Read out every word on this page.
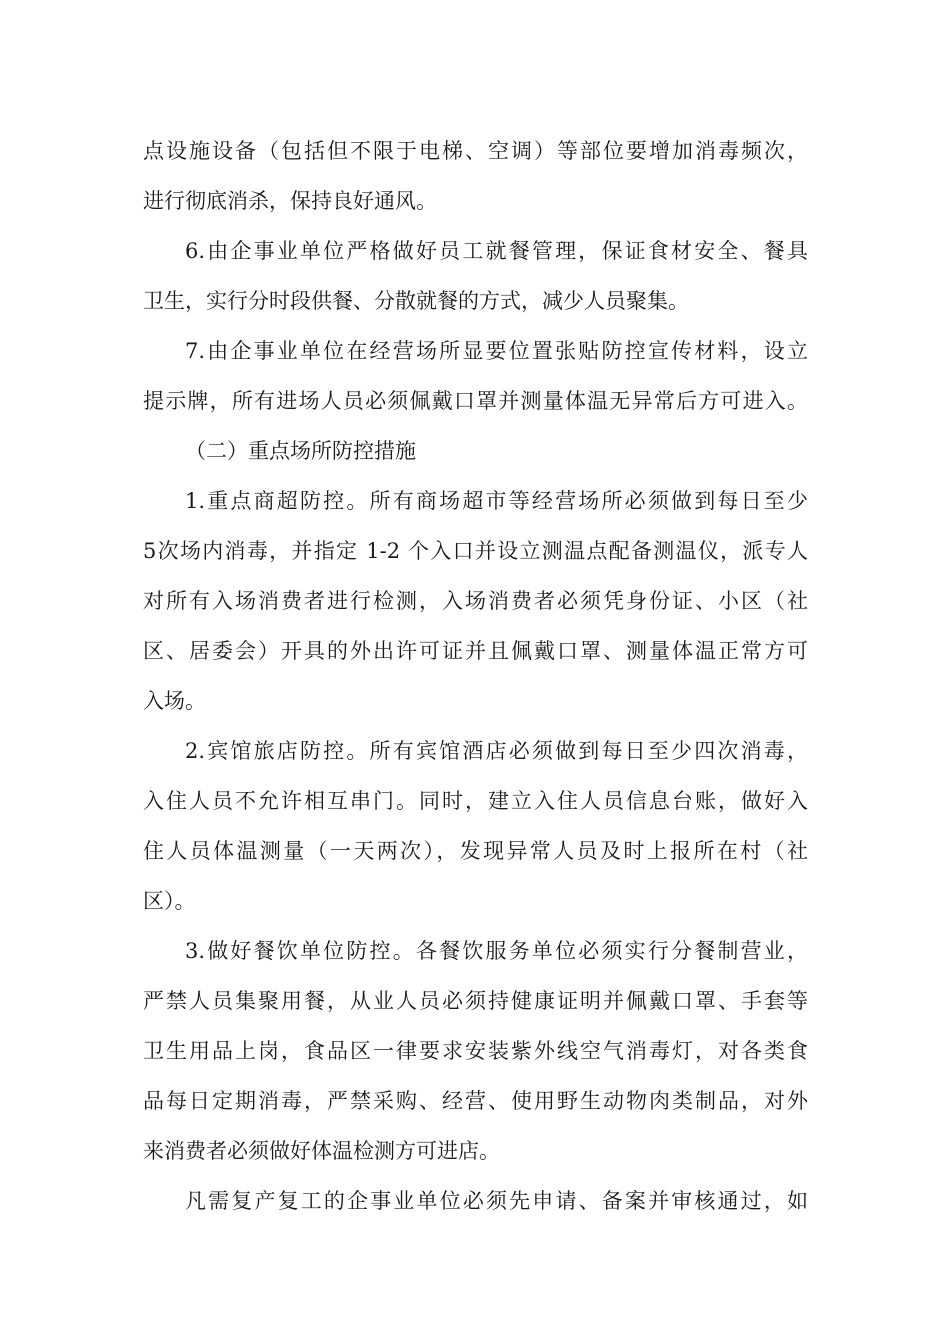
点设施设备（包括但不限于电梯、空调）等部位要增加消毒频次，
进行彻底消杀，保持良好通风。
6.由企事业单位严格做好员工就餐管理，保证食材安全、餐具
卫生，实行分时段供餐、分散就餐的方式，减少人员聚集。
7.由企事业单位在经营场所显要位置张贴防控宣传材料，设立
提示牌，所有进场人员必须佩戴口罩并测量体温无异常后方可进入。
（二）重点场所防控措施
1.重点商超防控。所有商场超市等经营场所必须做到每日至少
5次场内消毒，并指定 1-2 个入口并设立测温点配备测温仪，派专人
对所有入场消费者进行检测，入场消费者必须凭身份证、小区（社
区、居委会）开具的外出许可证并且佩戴口罩、测量体温正常方可
入场。
2.宾馆旅店防控。所有宾馆酒店必须做到每日至少四次消毒，
入住人员不允许相互串门。同时，建立入住人员信息台账，做好入
住人员体温测量（一天两次），发现异常人员及时上报所在村（社
区）。
3.做好餐饮单位防控。各餐饮服务单位必须实行分餐制营业，
严禁人员集聚用餐，从业人员必须持健康证明并佩戴口罩、手套等
卫生用品上岗，食品区一律要求安装紫外线空气消毒灯，对各类食
品每日定期消毒，严禁采购、经营、使用野生动物肉类制品，对外
来消费者必须做好体温检测方可进店。
凡需复产复工的企事业单位必须先申请、备案并审核通过，如
